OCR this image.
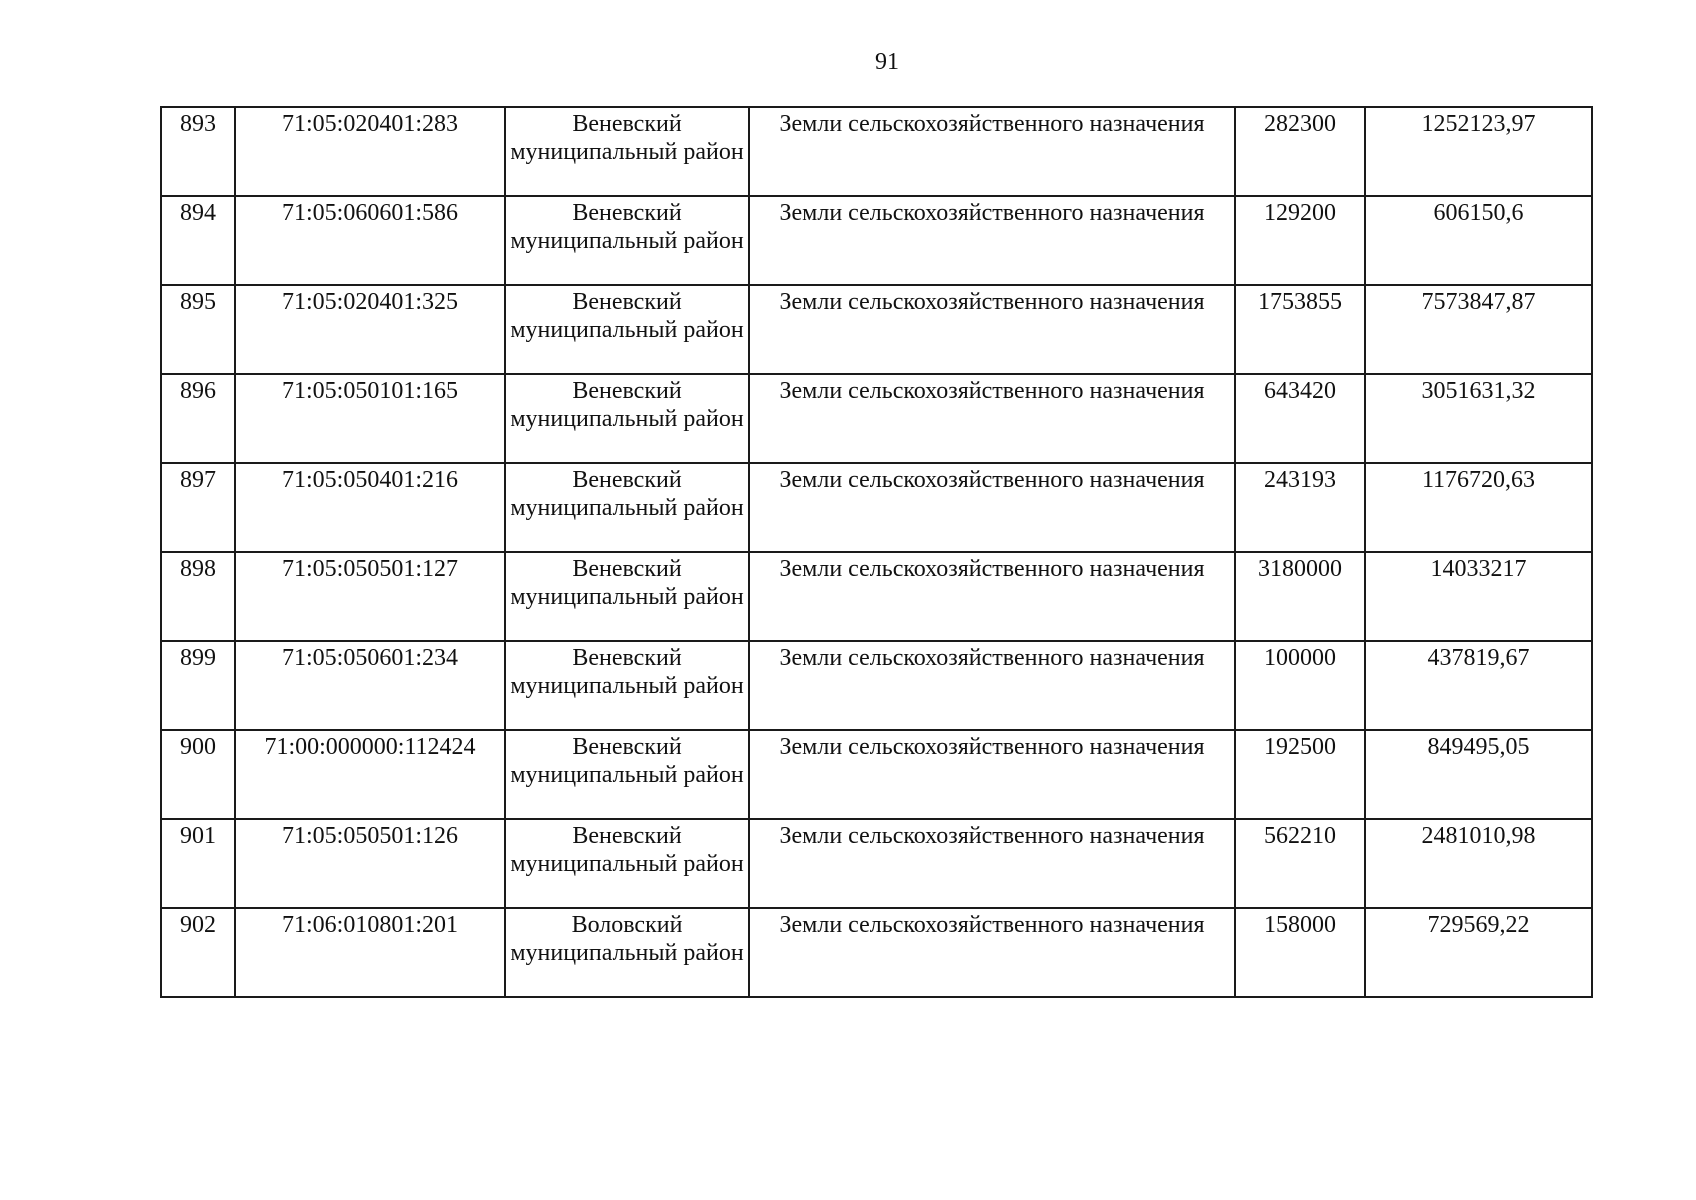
91
893	71:05:020401:283	Веневский муниципальный район	Земли сельскохозяйственного назначения	282300	1252123,97
894	71:05:060601:586	Веневский муниципальный район	Земли сельскохозяйственного назначения	129200	606150,6
895	71:05:020401:325	Веневский муниципальный район	Земли сельскохозяйственного назначения	1753855	7573847,87
896	71:05:050101:165	Веневский муниципальный район	Земли сельскохозяйственного назначения	643420	3051631,32
897	71:05:050401:216	Веневский муниципальный район	Земли сельскохозяйственного назначения	243193	1176720,63
898	71:05:050501:127	Веневский муниципальный район	Земли сельскохозяйственного назначения	3180000	14033217
899	71:05:050601:234	Веневский муниципальный район	Земли сельскохозяйственного назначения	100000	437819,67
900	71:00:000000:112424	Веневский муниципальный район	Земли сельскохозяйственного назначения	192500	849495,05
901	71:05:050501:126	Веневский муниципальный район	Земли сельскохозяйственного назначения	562210	2481010,98
902	71:06:010801:201	Воловский муниципальный район	Земли сельскохозяйственного назначения	158000	729569,22
